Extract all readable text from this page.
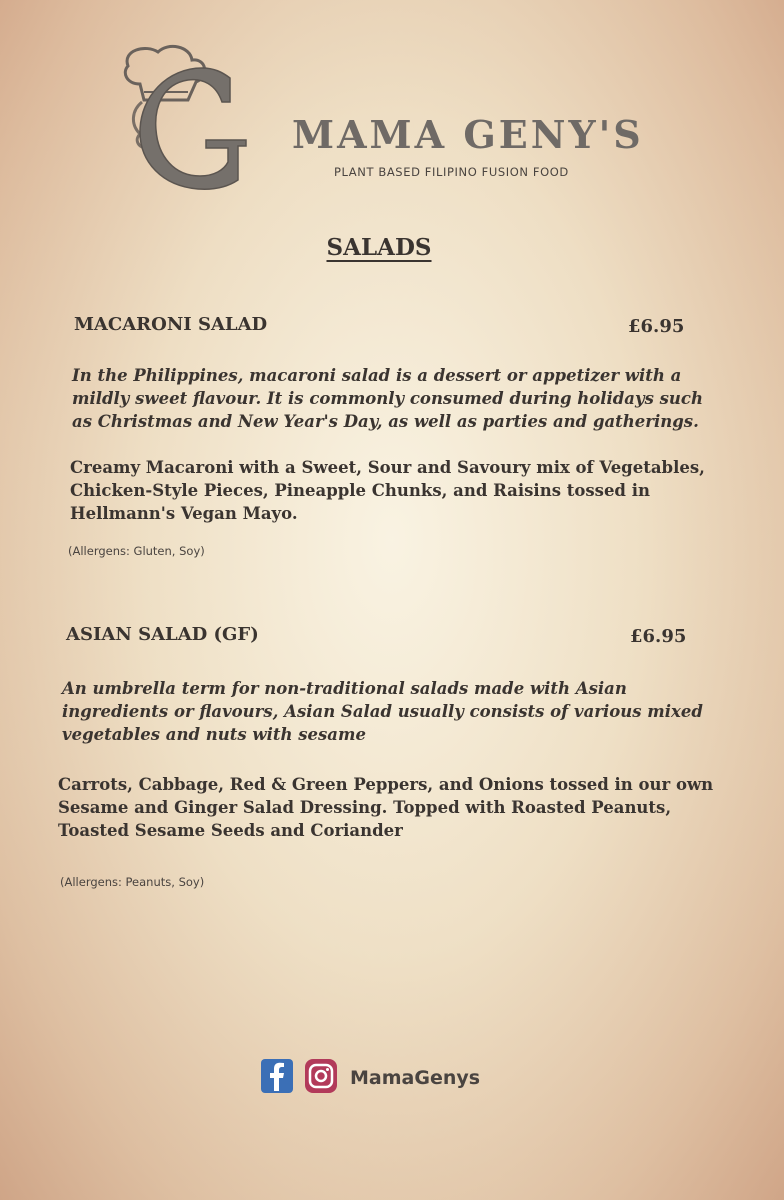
MAMA GENY'S
PLANT BASED FILIPINO FUSION FOOD
SALADS
MACARONI SALAD	£6.95
In the Philippines, macaroni salad is a dessert or appetizer with a mildly sweet flavour. It is commonly consumed during holidays such as Christmas and New Year's Day, as well as parties and gatherings.
Creamy Macaroni with a Sweet, Sour and Savoury mix of Vegetables, Chicken-Style Pieces, Pineapple Chunks, and Raisins tossed in Hellmann's Vegan Mayo.
(Allergens: Gluten, Soy)
ASIAN SALAD (GF)	£6.95
An umbrella term for non-traditional salads made with Asian ingredients or flavours, Asian Salad usually consists of various mixed vegetables and nuts with sesame
Carrots, Cabbage, Red & Green Peppers, and Onions tossed in our own Sesame and Ginger Salad Dressing. Topped with Roasted Peanuts, Toasted Sesame Seeds and Coriander
(Allergens: Peanuts, Soy)
MamaGenys
